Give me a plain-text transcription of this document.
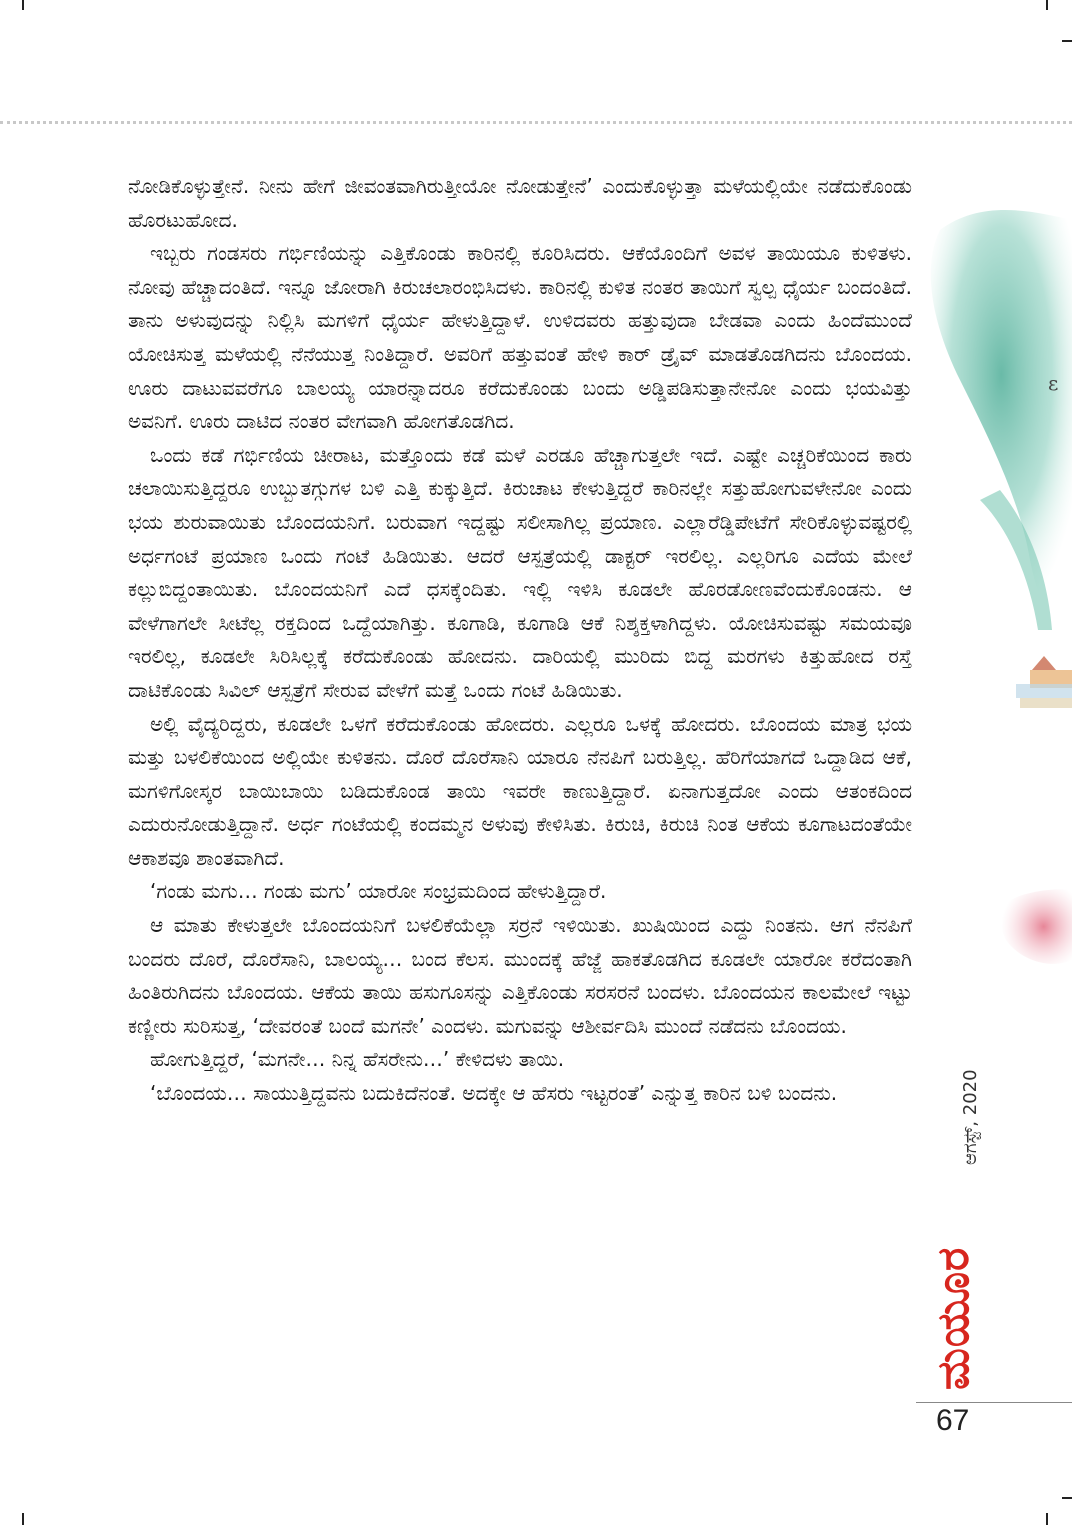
ε

ನೋಡಿಕೊಳ್ಳುತ್ತೇನೆ. ನೀನು ಹೇಗೆ ಜೀವಂತವಾಗಿರುತ್ತೀಯೋ ನೋಡುತ್ತೇನೆ’ ಎಂದುಕೊಳ್ಳುತ್ತಾ ಮಳೆಯಲ್ಲಿಯೇ ನಡೆದುಕೊಂಡು ಹೊರಟುಹೋದ.

ಇಬ್ಬರು ಗಂಡಸರು ಗರ್ಭಿಣಿಯನ್ನು ಎತ್ತಿಕೊಂಡು ಕಾರಿನಲ್ಲಿ ಕೂರಿಸಿದರು. ಆಕೆಯೊಂದಿಗೆ ಅವಳ ತಾಯಿಯೂ ಕುಳಿತಳು. ನೋವು ಹೆಚ್ಚಾದಂತಿದೆ. ಇನ್ನೂ ಜೋರಾಗಿ ಕಿರುಚಲಾರಂಭಿಸಿದಳು. ಕಾರಿನಲ್ಲಿ ಕುಳಿತ ನಂತರ ತಾಯಿಗೆ ಸ್ವಲ್ಪ ಧೈರ್ಯ ಬಂದಂತಿದೆ. ತಾನು ಅಳುವುದನ್ನು ನಿಲ್ಲಿಸಿ ಮಗಳಿಗೆ ಧೈರ್ಯ ಹೇಳುತ್ತಿದ್ದಾಳೆ. ಉಳಿದವರು ಹತ್ತುವುದಾ ಬೇಡವಾ ಎಂದು ಹಿಂದೆಮುಂದೆ ಯೋಚಿಸುತ್ತ ಮಳೆಯಲ್ಲಿ ನೆನೆಯುತ್ತ ನಿಂತಿದ್ದಾರೆ. ಅವರಿಗೆ ಹತ್ತುವಂತೆ ಹೇಳಿ ಕಾರ್ ಡ್ರೈವ್ ಮಾಡತೊಡಗಿದನು ಬೊಂದಯ. ಊರು ದಾಟುವವರೆಗೂ ಬಾಲಯ್ಯ ಯಾರನ್ನಾದರೂ ಕರೆದುಕೊಂಡು ಬಂದು ಅಡ್ಡಿಪಡಿಸುತ್ತಾನೇನೋ ಎಂದು ಭಯವಿತ್ತು ಅವನಿಗೆ. ಊರು ದಾಟಿದ ನಂತರ ವೇಗವಾಗಿ ಹೋಗತೊಡಗಿದ.

ಒಂದು ಕಡೆ ಗರ್ಭಿಣಿಯ ಚೀರಾಟ, ಮತ್ತೊಂದು ಕಡೆ ಮಳೆ ಎರಡೂ ಹೆಚ್ಚಾಗುತ್ತಲೇ ಇದೆ. ಎಷ್ಟೇ ಎಚ್ಚರಿಕೆಯಿಂದ ಕಾರು ಚಲಾಯಿಸುತ್ತಿದ್ದರೂ ಉಬ್ಬುತಗ್ಗುಗಳ ಬಳಿ ಎತ್ತಿ ಕುಕ್ಕುತ್ತಿದೆ. ಕಿರುಚಾಟ ಕೇಳುತ್ತಿದ್ದರೆ ಕಾರಿನಲ್ಲೇ ಸತ್ತುಹೋಗುವಳೇನೋ ಎಂದು ಭಯ ಶುರುವಾಯಿತು ಬೊಂದಯನಿಗೆ. ಬರುವಾಗ ಇದ್ದಷ್ಟು ಸಲೀಸಾಗಿಲ್ಲ ಪ್ರಯಾಣ. ಎಲ್ಲಾರೆಡ್ಡಿಪೇಟೆಗೆ ಸೇರಿಕೊಳ್ಳುವಷ್ಟರಲ್ಲಿ ಅರ್ಧಗಂಟೆ ಪ್ರಯಾಣ ಒಂದು ಗಂಟೆ ಹಿಡಿಯಿತು. ಆದರೆ ಆಸ್ಪತ್ರೆಯಲ್ಲಿ ಡಾಕ್ಟರ್ ಇರಲಿಲ್ಲ. ಎಲ್ಲರಿಗೂ ಎದೆಯ ಮೇಲೆ ಕಲ್ಲುಬಿದ್ದಂತಾಯಿತು. ಬೊಂದಯನಿಗೆ ಎದೆ ಧಸಕ್ಕೆಂದಿತು. ಇಲ್ಲಿ ಇಳಿಸಿ ಕೂಡಲೇ ಹೊರಡೋಣವೆಂದುಕೊಂಡನು. ಆ ವೇಳೆಗಾಗಲೇ ಸೀಟೆಲ್ಲ ರಕ್ತದಿಂದ ಒದ್ದೆಯಾಗಿತ್ತು. ಕೂಗಾಡಿ, ಕೂಗಾಡಿ ಆಕೆ ನಿಶ್ಶಕ್ತಳಾಗಿದ್ದಳು. ಯೋಚಿಸುವಷ್ಟು ಸಮಯವೂ ಇರಲಿಲ್ಲ, ಕೂಡಲೇ ಸಿರಿಸಿಲ್ಲಕ್ಕೆ ಕರೆದುಕೊಂಡು ಹೋದನು. ದಾರಿಯಲ್ಲಿ ಮುರಿದು ಬಿದ್ದ ಮರಗಳು ಕಿತ್ತುಹೋದ ರಸ್ತೆ ದಾಟಿಕೊಂಡು ಸಿವಿಲ್ ಆಸ್ಪತ್ರೆಗೆ ಸೇರುವ ವೇಳೆಗೆ ಮತ್ತೆ ಒಂದು ಗಂಟೆ ಹಿಡಿಯಿತು.

ಅಲ್ಲಿ ವೈದ್ಯರಿದ್ದರು, ಕೂಡಲೇ ಒಳಗೆ ಕರೆದುಕೊಂಡು ಹೋದರು. ಎಲ್ಲರೂ ಒಳಕ್ಕೆ ಹೋದರು. ಬೊಂದಯ ಮಾತ್ರ ಭಯ ಮತ್ತು ಬಳಲಿಕೆಯಿಂದ ಅಲ್ಲಿಯೇ ಕುಳಿತನು. ದೊರೆ ದೊರೆಸಾನಿ ಯಾರೂ ನೆನಪಿಗೆ ಬರುತ್ತಿಲ್ಲ. ಹೆರಿಗೆಯಾಗದೆ ಒದ್ದಾಡಿದ ಆಕೆ, ಮಗಳಿಗೋಸ್ಕರ ಬಾಯಿಬಾಯಿ ಬಡಿದುಕೊಂಡ ತಾಯಿ ಇವರೇ ಕಾಣುತ್ತಿದ್ದಾರೆ. ಏನಾಗುತ್ತದೋ ಎಂದು ಆತಂಕದಿಂದ ಎದುರುನೋಡುತ್ತಿದ್ದಾನೆ. ಅರ್ಧ ಗಂಟೆಯಲ್ಲಿ ಕಂದಮ್ಮನ ಅಳುವು ಕೇಳಿಸಿತು. ಕಿರುಚಿ, ಕಿರುಚಿ ನಿಂತ ಆಕೆಯ ಕೂಗಾಟದಂತೆಯೇ ಆಕಾಶವೂ ಶಾಂತವಾಗಿದೆ.

‘ಗಂಡು ಮಗು… ಗಂಡು ಮಗು’ ಯಾರೋ ಸಂಭ್ರಮದಿಂದ ಹೇಳುತ್ತಿದ್ದಾರೆ.

ಆ ಮಾತು ಕೇಳುತ್ತಲೇ ಬೊಂದಯನಿಗೆ ಬಳಲಿಕೆಯೆಲ್ಲಾ ಸರ್ರನೆ ಇಳಿಯಿತು. ಖುಷಿಯಿಂದ ಎದ್ದು ನಿಂತನು. ಆಗ ನೆನಪಿಗೆ ಬಂದರು ದೊರೆ, ದೊರೆಸಾನಿ, ಬಾಲಯ್ಯ… ಬಂದ ಕೆಲಸ. ಮುಂದಕ್ಕೆ ಹೆಜ್ಜೆ ಹಾಕತೊಡಗಿದ ಕೂಡಲೇ ಯಾರೋ ಕರೆದಂತಾಗಿ ಹಿಂತಿರುಗಿದನು ಬೊಂದಯ. ಆಕೆಯ ತಾಯಿ ಹಸುಗೂಸನ್ನು ಎತ್ತಿಕೊಂಡು ಸರಸರನೆ ಬಂದಳು. ಬೊಂದಯನ ಕಾಲಮೇಲೆ ಇಟ್ಟು ಕಣ್ಣೀರು ಸುರಿಸುತ್ತ, ‘ದೇವರಂತೆ ಬಂದೆ ಮಗನೇ’ ಎಂದಳು. ಮಗುವನ್ನು ಆಶೀರ್ವದಿಸಿ ಮುಂದೆ ನಡೆದನು ಬೊಂದಯ.

ಹೋಗುತ್ತಿದ್ದರೆ, ‘ಮಗನೇ… ನಿನ್ನ ಹೆಸರೇನು…’ ಕೇಳಿದಳು ತಾಯಿ.

‘ಬೊಂದಯ… ಸಾಯುತ್ತಿದ್ದವನು ಬದುಕಿದೆನಂತೆ. ಅದಕ್ಕೇ ಆ ಹೆಸರು ಇಟ್ಟರಂತೆ’ ಎನ್ನುತ್ತ ಕಾರಿನ ಬಳಿ ಬಂದನು.	ಆಗಸ್ಟ್, 2020
ಮಯೂರ
67
